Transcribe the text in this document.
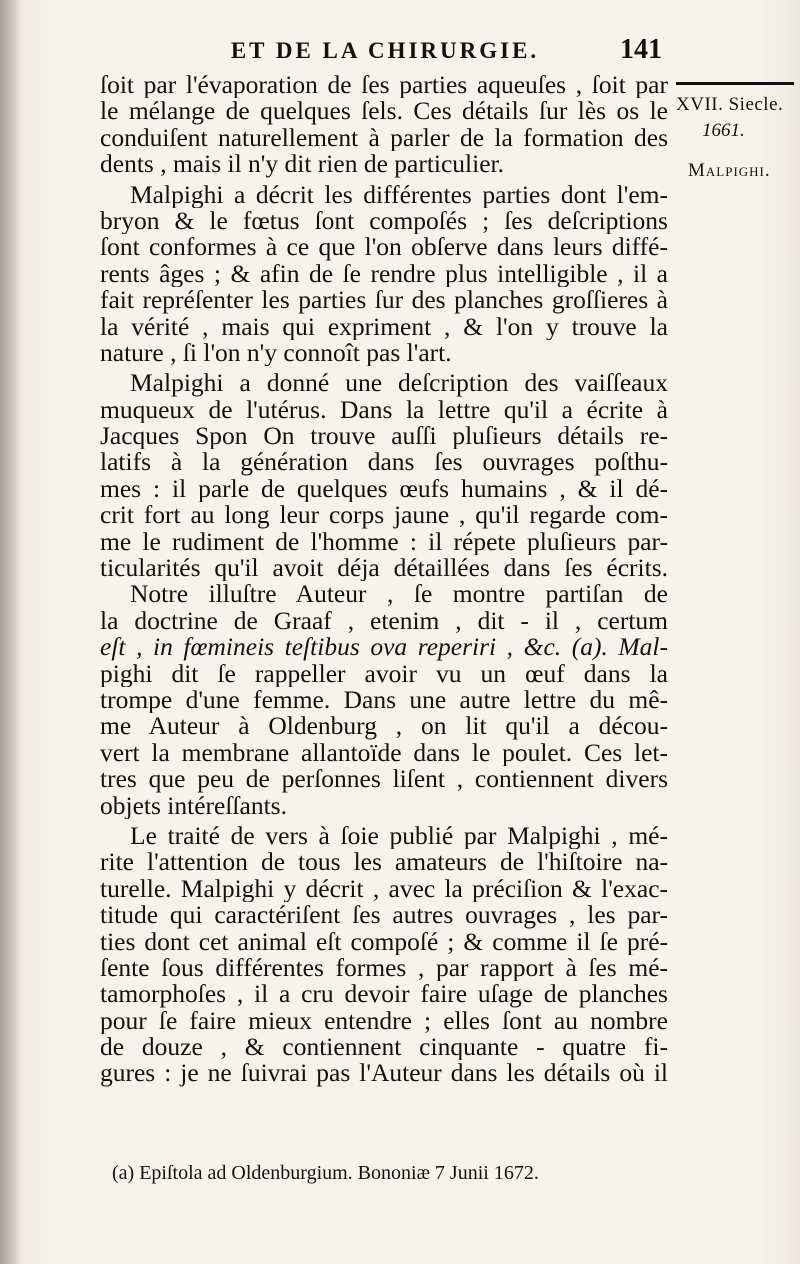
ET DE LA CHIRURGIE.	141
XVII. Siecle.
1661.
Malpighi.
ſoit par l'évaporation de ſes parties aqueuſes , ſoit par
le mélange de quelques ſels. Ces détails ſur lès os le
conduiſent naturellement à parler de la formation des
dents , mais il n'y dit rien de particulier.
Malpighi a décrit les différentes parties dont l'em-
bryon & le fœtus ſont compoſés ; ſes deſcriptions
ſont conformes à ce que l'on obſerve dans leurs diffé-
rents âges ; & afin de ſe rendre plus intelligible , il a
fait repréſenter les parties ſur des planches groſſieres à
la vérité , mais qui expriment , & l'on y trouve la
nature , ſi l'on n'y connoît pas l'art.
Malpighi a donné une deſcription des vaiſſeaux
muqueux de l'utérus. Dans la lettre qu'il a écrite à
Jacques Spon On trouve auſſi pluſieurs détails re-
latifs à la génération dans ſes ouvrages poſthu-
mes : il parle de quelques œufs humains , & il dé-
crit fort au long leur corps jaune , qu'il regarde com-
me le rudiment de l'homme : il répete pluſieurs par-
ticularités qu'il avoit déja détaillées dans ſes écrits.
Notre illuſtre Auteur , ſe montre partiſan de
la doctrine de Graaf , etenim , dit - il , certum
eſt , in fœmineis teſtibus ova reperiri , &c. (a). Mal-
pighi dit ſe rappeller avoir vu un œuf dans la
trompe d'une femme. Dans une autre lettre du mê-
me Auteur à Oldenburg , on lit qu'il a décou-
vert la membrane allantoïde dans le poulet. Ces let-
tres que peu de perſonnes liſent , contiennent divers
objets intéreſſants.
Le traité de vers à ſoie publié par Malpighi , mé-
rite l'attention de tous les amateurs de l'hiſtoire na-
turelle. Malpighi y décrit , avec la préciſion & l'exac-
titude qui caractériſent ſes autres ouvrages , les par-
ties dont cet animal eſt compoſé ; & comme il ſe pré-
ſente ſous différentes formes , par rapport à ſes mé-
tamorphoſes , il a cru devoir faire uſage de planches
pour ſe faire mieux entendre ; elles ſont au nombre
de douze , & contiennent cinquante - quatre fi-
gures : je ne ſuivrai pas l'Auteur dans les détails où il
(a) Epiſtola ad Oldenburgium. Bononiæ 7 Junii 1672.
